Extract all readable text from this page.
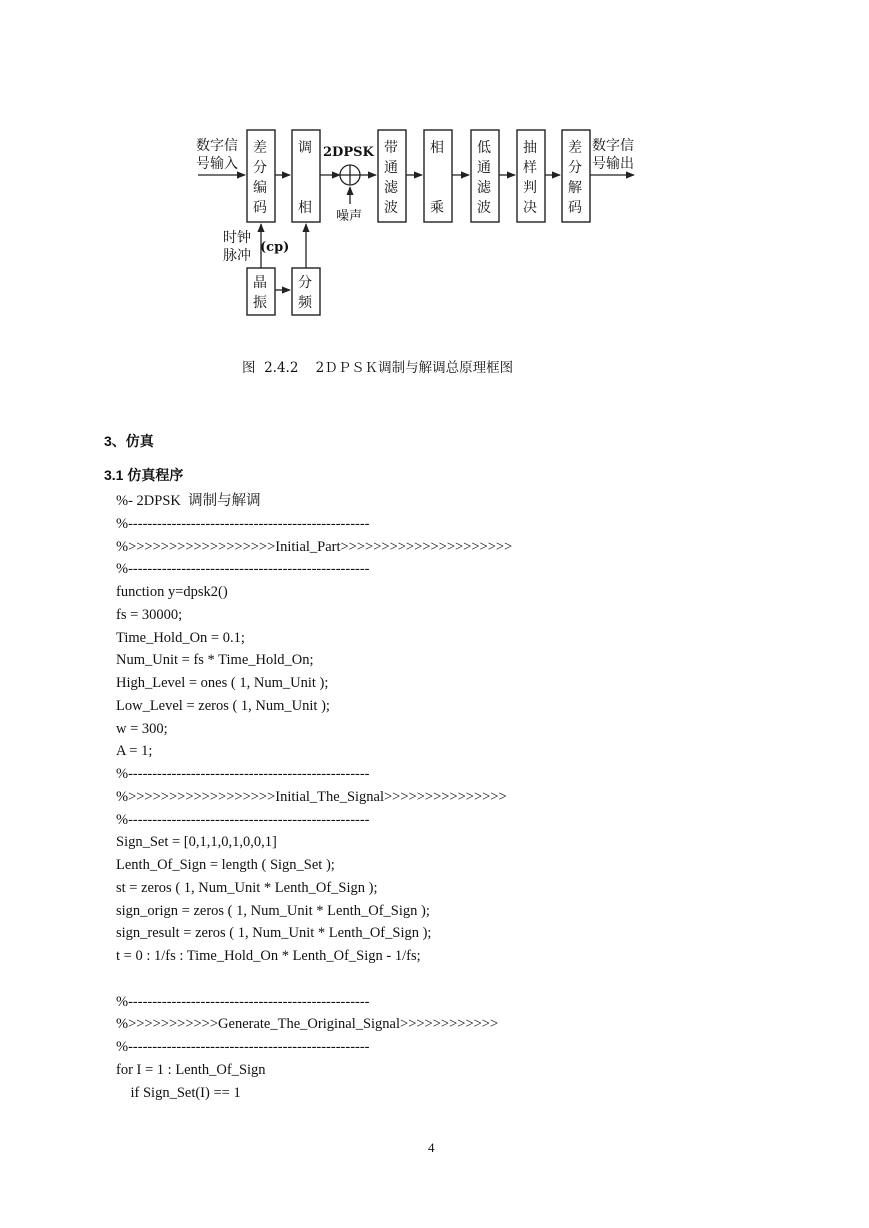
数字信
号输入
数字信
号输出
2DPSK
噪声
差
分
编
码
调
相
带
通
滤
波
相
乘
低
通
滤
波
抽
样
判
决
差
分
解
码
时钟
脉冲
(cp)
晶
振
分
频
图  2.4.2    2ＤＰＳＫ调制与解调总原理框图
3、仿真
3.1 仿真程序
%- 2DPSK  调制与解调
%--------------------------------------------------
%>>>>>>>>>>>>>>>>>>Initial_Part>>>>>>>>>>>>>>>>>>>>>
%--------------------------------------------------
function y=dpsk2()
fs = 30000;
Time_Hold_On = 0.1;
Num_Unit = fs * Time_Hold_On;
High_Level = ones ( 1, Num_Unit );
Low_Level = zeros ( 1, Num_Unit );
w = 300;
A = 1;
%--------------------------------------------------
%>>>>>>>>>>>>>>>>>>Initial_The_Signal>>>>>>>>>>>>>>>
%--------------------------------------------------
Sign_Set = [0,1,1,0,1,0,0,1]
Lenth_Of_Sign = length ( Sign_Set );
st = zeros ( 1, Num_Unit * Lenth_Of_Sign );
sign_orign = zeros ( 1, Num_Unit * Lenth_Of_Sign );
sign_result = zeros ( 1, Num_Unit * Lenth_Of_Sign );
t = 0 : 1/fs : Time_Hold_On * Lenth_Of_Sign - 1/fs;
%--------------------------------------------------
%>>>>>>>>>>>Generate_The_Original_Signal>>>>>>>>>>>>
%--------------------------------------------------
for I = 1 : Lenth_Of_Sign
if Sign_Set(I) == 1
4
